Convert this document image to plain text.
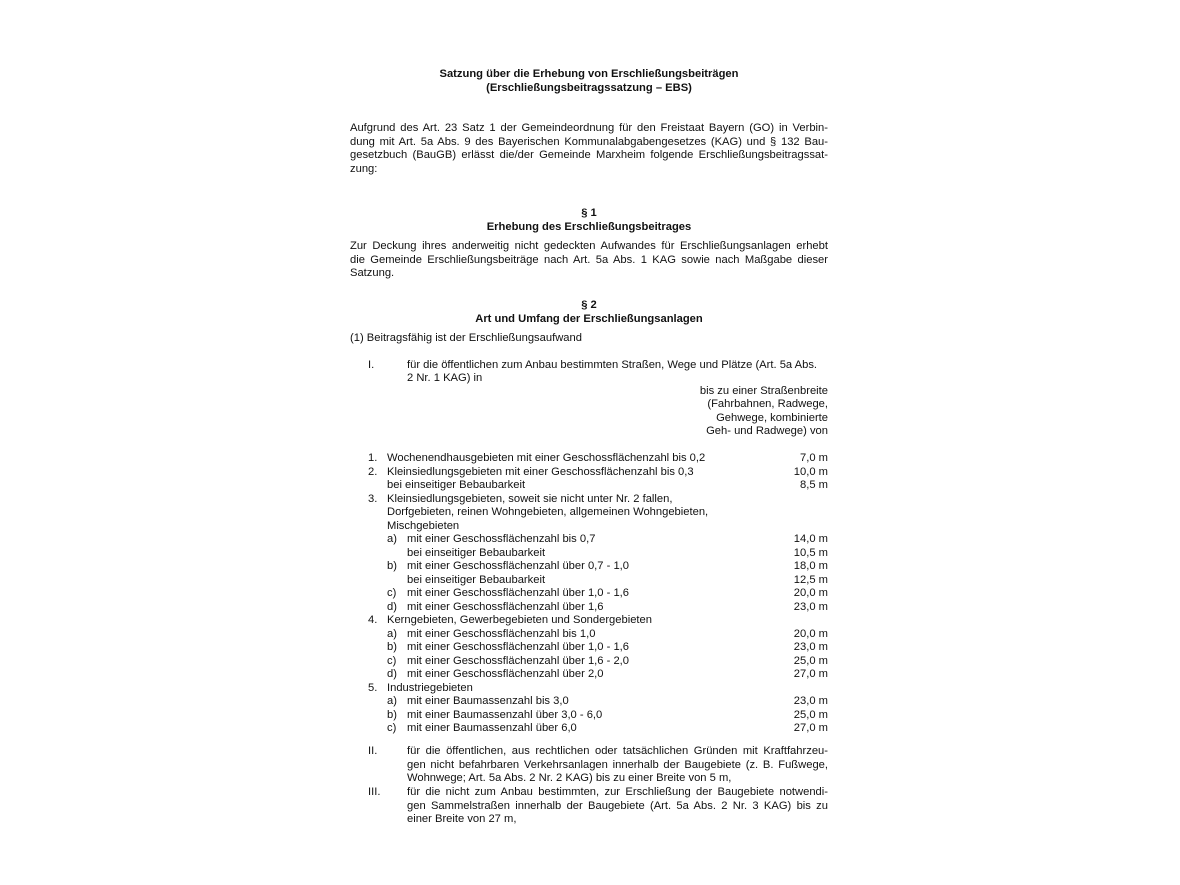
Satzung über die Erhebung von Erschließungsbeiträgen
(Erschließungsbeitragssatzung – EBS)
Aufgrund des Art. 23 Satz 1 der Gemeindeordnung für den Freistaat Bayern (GO) in Verbin-
dung mit Art. 5a Abs. 9 des Bayerischen Kommunalabgabengesetzes (KAG) und § 132 Bau-
gesetzbuch (BauGB) erlässt die/der Gemeinde Marxheim folgende Erschließungsbeitragssat-
zung:
§ 1
Erhebung des Erschließungsbeitrages
Zur Deckung ihres anderweitig nicht gedeckten Aufwandes für Erschließungsanlagen erhebt
die Gemeinde Erschließungsbeiträge nach Art. 5a Abs. 1 KAG sowie nach Maßgabe dieser
Satzung.
§ 2
Art und Umfang der Erschließungsanlagen
(1) Beitragsfähig ist der Erschließungsaufwand
I.	für die öffentlichen zum Anbau bestimmten Straßen, Wege und Plätze (Art. 5a Abs.
2 Nr. 1 KAG) in
bis zu einer Straßenbreite
(Fahrbahnen, Radwege,
Gehwege, kombinierte
Geh- und Radwege) von
1. Wochenendhausgebieten mit einer Geschossflächenzahl bis 0,2	7,0 m
2. Kleinsiedlungsgebieten mit einer Geschossflächenzahl bis 0,3	10,0 m
bei einseitiger Bebaubarkeit	8,5 m
3. Kleinsiedlungsgebieten, soweit sie nicht unter Nr. 2 fallen,
Dorfgebieten, reinen Wohngebieten, allgemeinen Wohngebieten,
Mischgebieten
a) mit einer Geschossflächenzahl bis 0,7	14,0 m
bei einseitiger Bebaubarkeit	10,5 m
b) mit einer Geschossflächenzahl über 0,7 - 1,0	18,0 m
bei einseitiger Bebaubarkeit	12,5 m
c) mit einer Geschossflächenzahl über 1,0 - 1,6	20,0 m
d) mit einer Geschossflächenzahl über 1,6	23,0 m
4. Kerngebieten, Gewerbegebieten und Sondergebieten
a) mit einer Geschossflächenzahl bis 1,0	20,0 m
b) mit einer Geschossflächenzahl über 1,0 - 1,6	23,0 m
c) mit einer Geschossflächenzahl über 1,6 - 2,0	25,0 m
d) mit einer Geschossflächenzahl über 2,0	27,0 m
5. Industriegebieten
a) mit einer Baumassenzahl bis 3,0	23,0 m
b) mit einer Baumassenzahl über 3,0 - 6,0	25,0 m
c) mit einer Baumassenzahl über 6,0	27,0 m
II.	für die öffentlichen, aus rechtlichen oder tatsächlichen Gründen mit Kraftfahrzeu-
gen nicht befahrbaren Verkehrsanlagen innerhalb der Baugebiete (z. B. Fußwege,
Wohnwege; Art. 5a Abs. 2 Nr. 2 KAG) bis zu einer Breite von 5 m,
III. für die nicht zum Anbau bestimmten, zur Erschließung der Baugebiete notwendi-
gen Sammelstraßen innerhalb der Baugebiete (Art. 5a Abs. 2 Nr. 3 KAG) bis zu
einer Breite von 27 m,
